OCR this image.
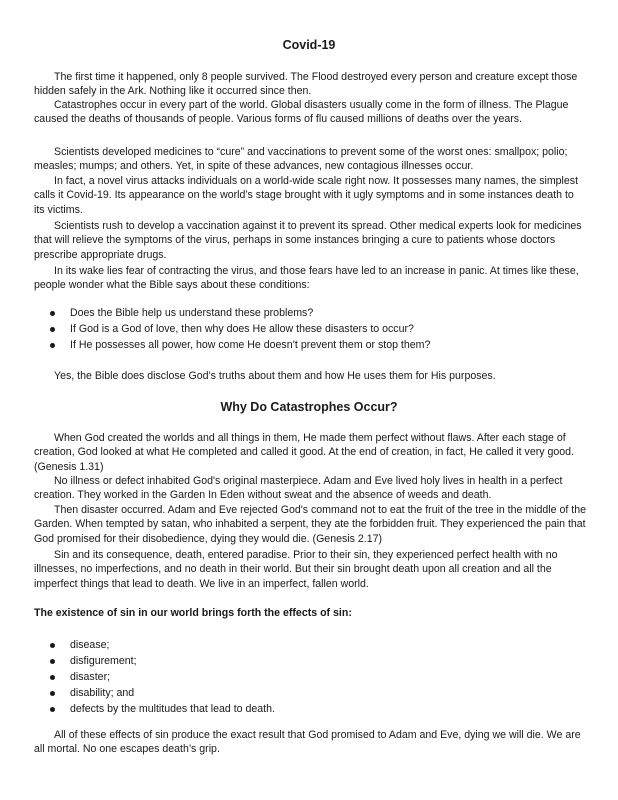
Covid-19

The first time it happened, only 8 people survived. The Flood destroyed every person and creature except those hidden safely in the Ark. Nothing like it occurred since then.

Catastrophes occur in every part of the world. Global disasters usually come in the form of illness. The Plague caused the deaths of thousands of people. Various forms of flu caused millions of deaths over the years.

Scientists developed medicines to “cure” and vaccinations to prevent some of the worst ones: smallpox; polio; measles; mumps; and others. Yet, in spite of these advances, new contagious illnesses occur.

In fact, a novel virus attacks individuals on a world-wide scale right now. It possesses many names, the simplest calls it Covid-19. Its appearance on the world’s stage brought with it ugly symptoms and in some instances death to its victims.

Scientists rush to develop a vaccination against it to prevent its spread. Other medical experts look for medicines that will relieve the symptoms of the virus, perhaps in some instances bringing a cure to patients whose doctors prescribe appropriate drugs.

In its wake lies fear of contracting the virus, and those fears have led to an increase in panic. At times like these, people wonder what the Bible says about these conditions:

Does the Bible help us understand these problems?
If God is a God of love, then why does He allow these disasters to occur?
If He possesses all power, how come He doesn’t prevent them or stop them?

Yes, the Bible does disclose God’s truths about them and how He uses them for His purposes.

Why Do Catastrophes Occur?

When God created the worlds and all things in them, He made them perfect without flaws. After each stage of creation, God looked at what He completed and called it good. At the end of creation, in fact, He called it very good. (Genesis 1.31)

No illness or defect inhabited God's original masterpiece. Adam and Eve lived holy lives in health in a perfect creation. They worked in the Garden In Eden without sweat and the absence of weeds and death.

Then disaster occurred. Adam and Eve rejected God's command not to eat the fruit of the tree in the middle of the Garden. When tempted by satan, who inhabited a serpent, they ate the forbidden fruit. They experienced the pain that God promised for their disobedience, dying they would die. (Genesis 2.17)

Sin and its consequence, death, entered paradise. Prior to their sin, they experienced perfect health with no illnesses, no imperfections, and no death in their world. But their sin brought death upon all creation and all the imperfect things that lead to death. We live in an imperfect, fallen world.

The existence of sin in our world brings forth the effects of sin:

disease;
disfigurement;
disaster;
disability; and
defects by the multitudes that lead to death.

All of these effects of sin produce the exact result that God promised to Adam and Eve, dying we will die. We are all mortal. No one escapes death’s grip.
